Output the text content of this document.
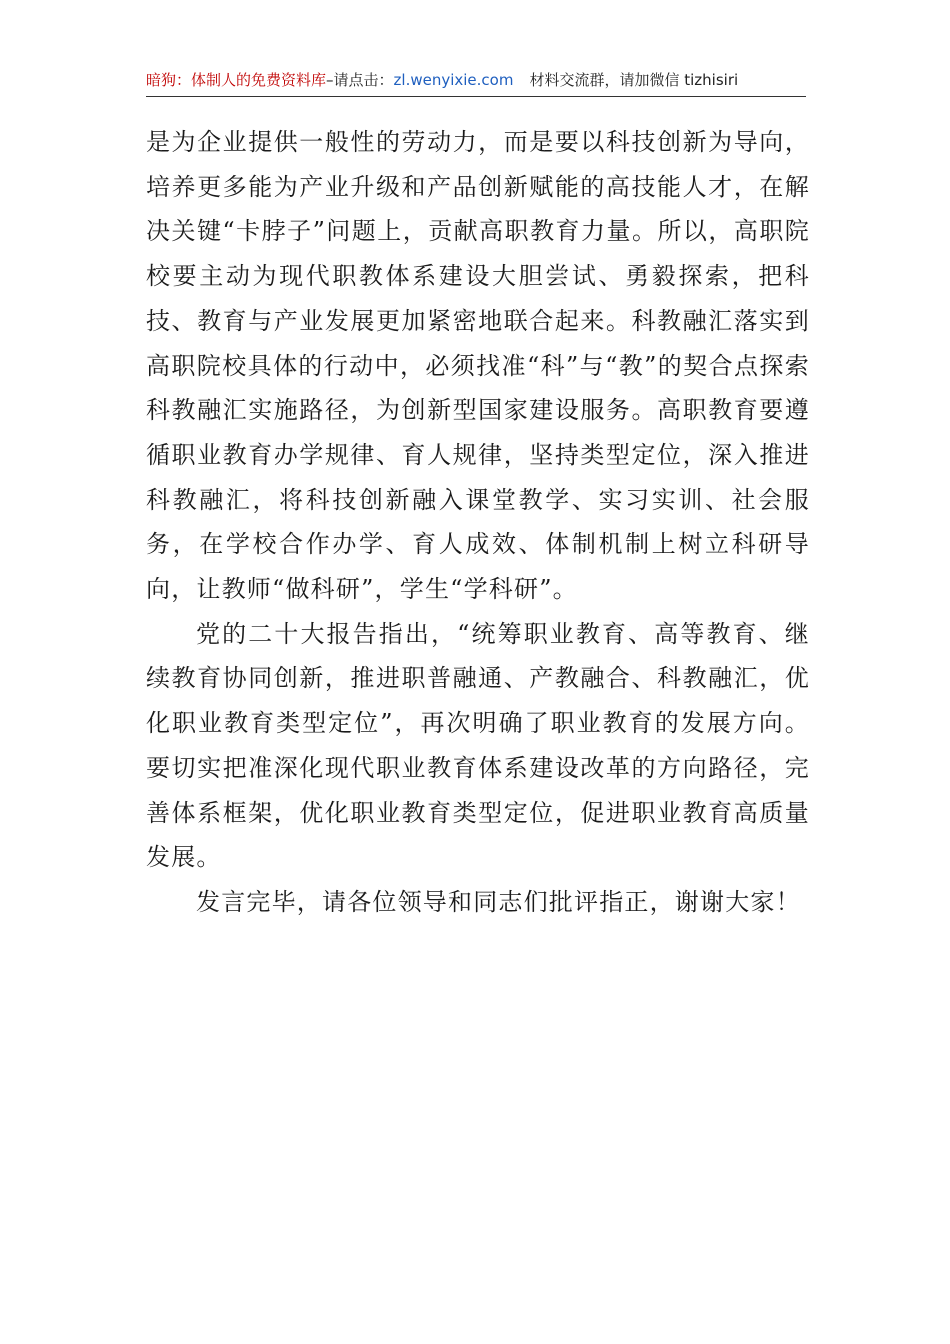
暗狗：体制人的免费资料库–请点击：zl.wenyixie.com 材料交流群，请加微信 tizhisiri

是为企业提供一般性的劳动力，而是要以科技创新为导向，培养更多能为产业升级和产品创新赋能的高技能人才，在解决关键“卡脖子”问题上，贡献高职教育力量。所以，高职院校要主动为现代职教体系建设大胆尝试、勇毅探索，把科技、教育与产业发展更加紧密地联合起来。科教融汇落实到高职院校具体的行动中，必须找准“科”与“教”的契合点探索科教融汇实施路径，为创新型国家建设服务。高职教育要遵循职业教育办学规律、育人规律，坚持类型定位，深入推进科教融汇，将科技创新融入课堂教学、实习实训、社会服务，在学校合作办学、育人成效、体制机制上树立科研导向，让教师“做科研”，学生“学科研”。

党的二十大报告指出，“统筹职业教育、高等教育、继续教育协同创新，推进职普融通、产教融合、科教融汇，优化职业教育类型定位”，再次明确了职业教育的发展方向。要切实把准深化现代职业教育体系建设改革的方向路径，完善体系框架，优化职业教育类型定位，促进职业教育高质量发展。

发言完毕，请各位领导和同志们批评指正，谢谢大家！
